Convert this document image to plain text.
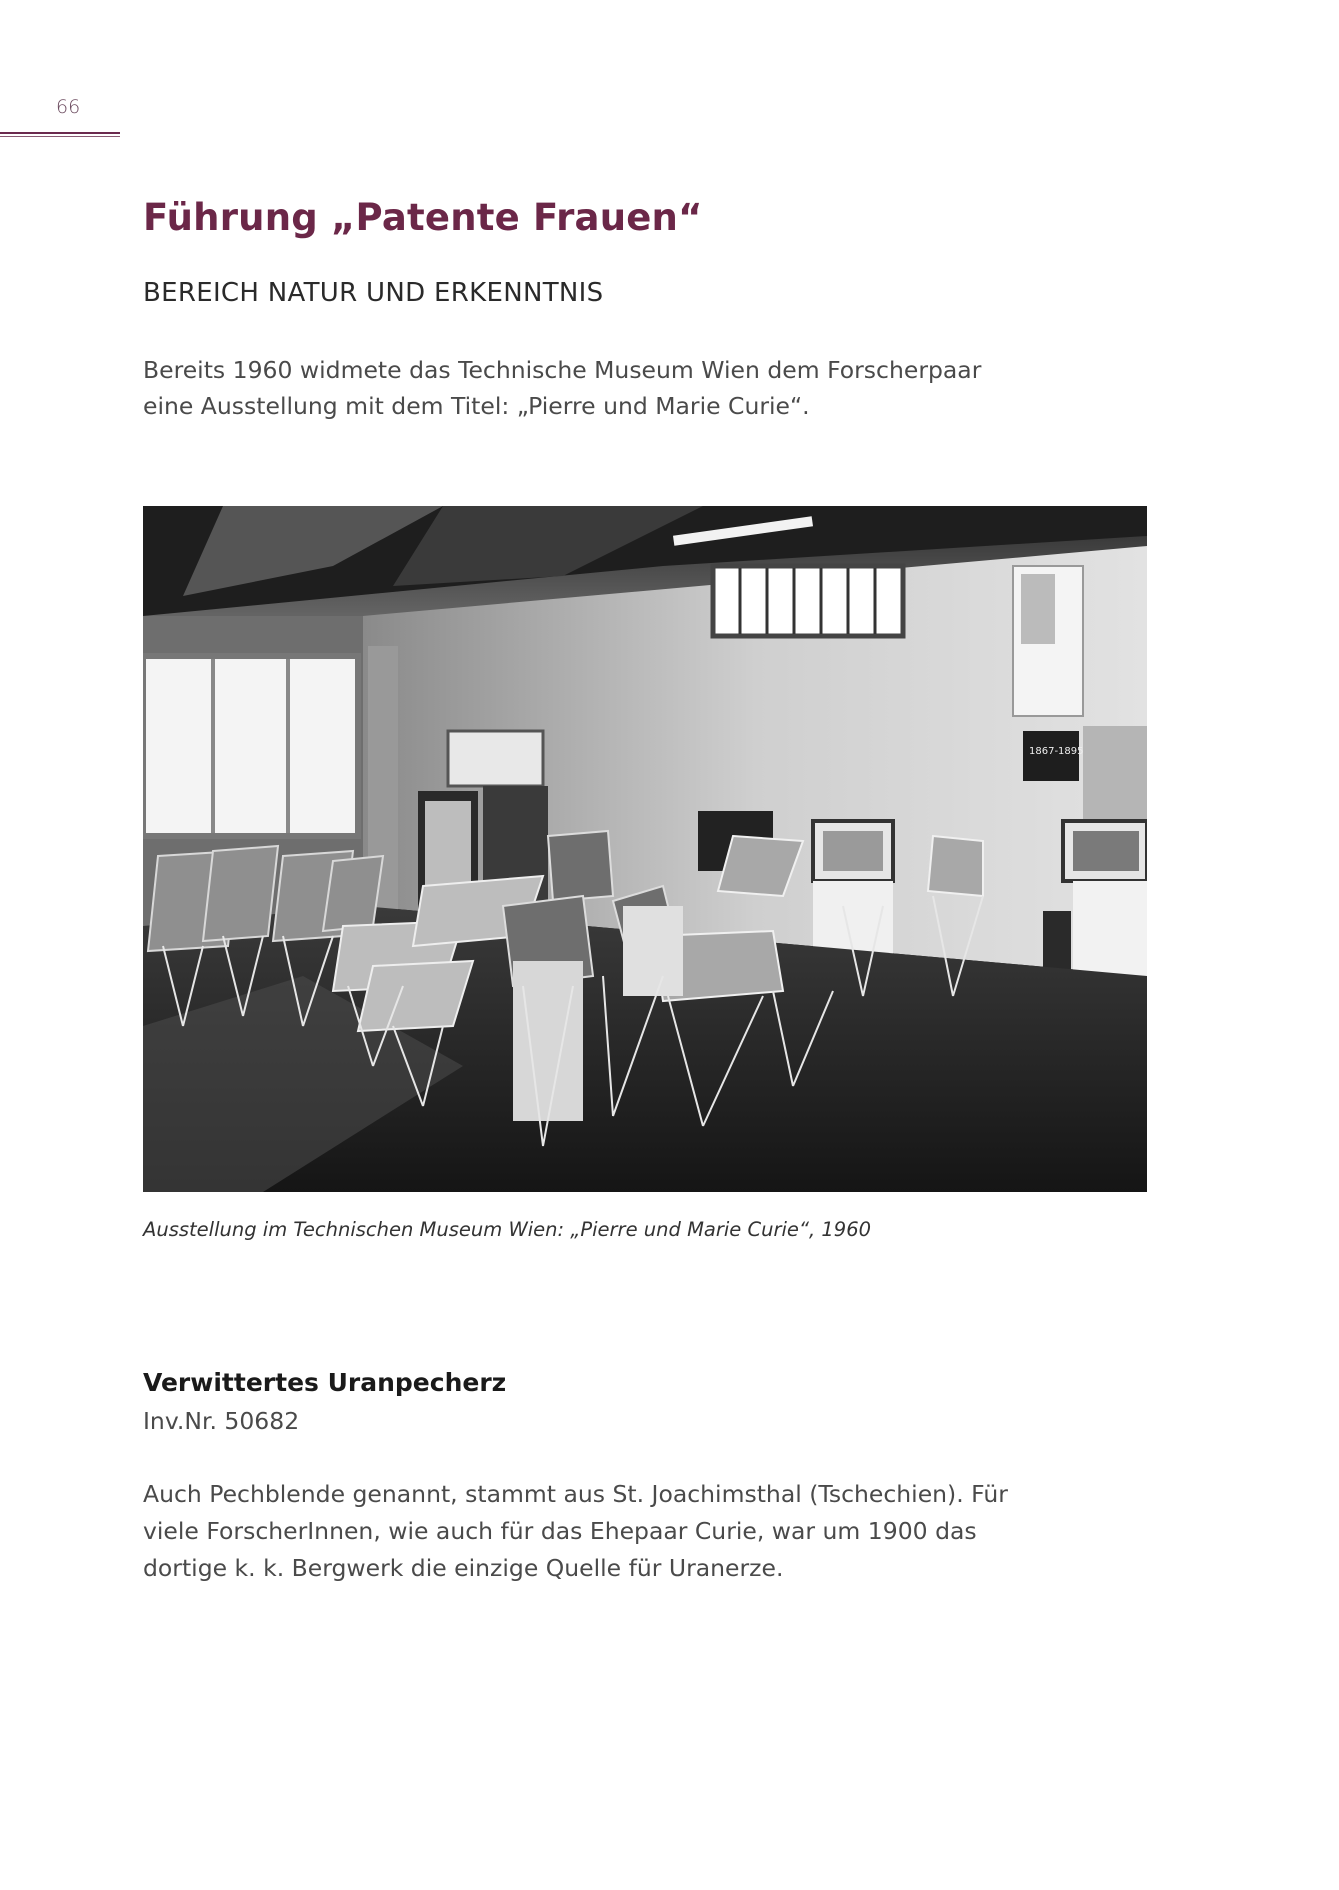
66
Führung „Patente Frauen“
BEREICH NATUR UND ERKENNTNIS

Bereits 1960 widmete das Technische Museum Wien dem Forscherpaar
eine Ausstellung mit dem Titel: „Pierre und Marie Curie“.

1867-1895
Ausstellung im Technischen Museum Wien: „Pierre und Marie Curie“, 1960
Verwittertes Uranpecherz
Inv.Nr. 50682

Auch Pechblende genannt, stammt aus St. Joachimsthal (Tschechien). Für
viele ForscherInnen, wie auch für das Ehepaar Curie, war um 1900 das
dortige k. k. Bergwerk die einzige Quelle für Uranerze.
